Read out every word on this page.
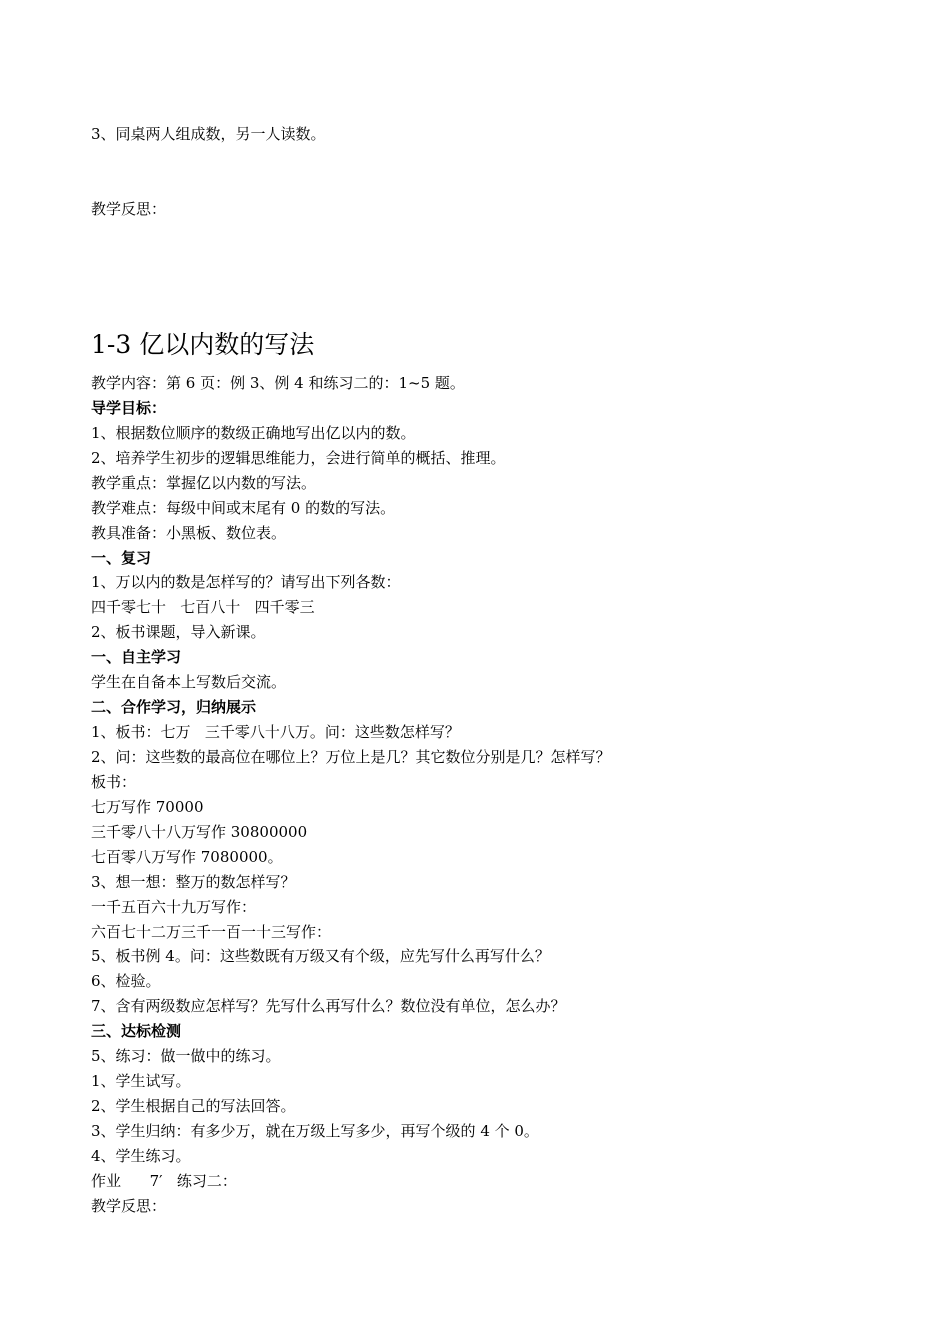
3、同桌两人组成数，另一人读数。

教学反思：

1-3 亿以内数的写法

教学内容：第 6 页：例 3、例 4 和练习二的：1~5 题。

导学目标：

1、根据数位顺序的数级正确地写出亿以内的数。

2、培养学生初步的逻辑思维能力，会进行简单的概括、推理。

教学重点：掌握亿以内数的写法。

教学难点：每级中间或末尾有 0 的数的写法。

教具准备：小黑板、数位表。

一、复习

1、万以内的数是怎样写的？请写出下列各数：

四千零七十   七百八十   四千零三

2、板书课题，导入新课。

一、自主学习

学生在自备本上写数后交流。

二、合作学习，归纳展示

1、板书：七万   三千零八十八万。问：这些数怎样写？

2、问：这些数的最高位在哪位上？万位上是几？其它数位分别是几？怎样写？

板书：

七万写作 70000

三千零八十八万写作 30800000

七百零八万写作 7080000。

3、想一想：整万的数怎样写？

一千五百六十九万写作：

六百七十二万三千一百一十三写作：

5、板书例 4。问：这些数既有万级又有个级，应先写什么再写什么？

6、检验。

7、含有两级数应怎样写？先写什么再写什么？数位没有单位，怎么办？

三、达标检测

5、练习：做一做中的练习。

1、学生试写。

2、学生根据自己的写法回答。

3、学生归纳：有多少万，就在万级上写多少，再写个级的 4 个 0。

4、学生练习。

作业      7′   练习二：

教学反思：
